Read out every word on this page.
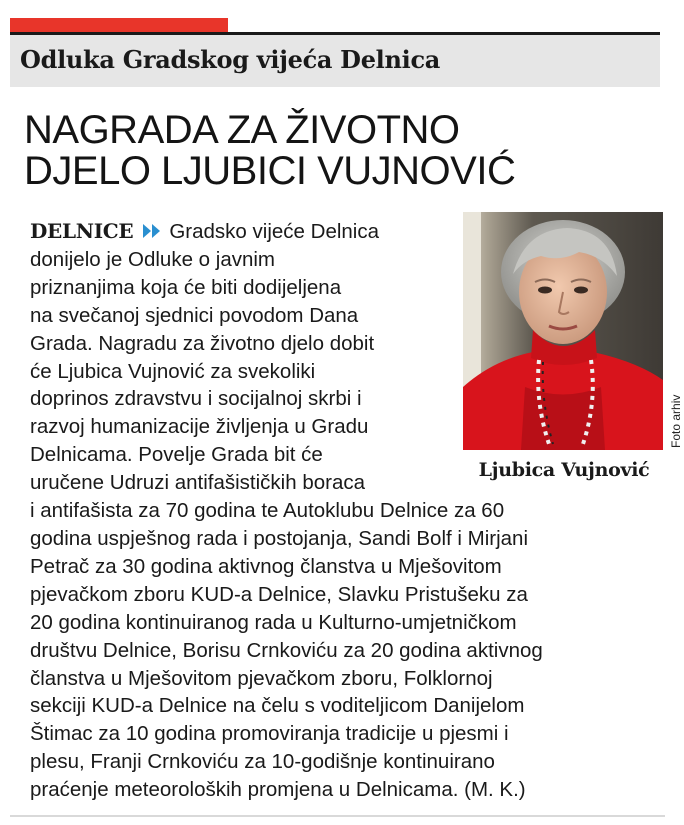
Odluka Gradskog vijeća Delnica
NAGRADA ZA ŽIVOTNO
DJELO LJUBICI VUJNOVIĆ
Foto arhiv
Ljubica Vujnović
DELNICE Gradsko vijeće Delnica
donijelo je Odluke o javnim
priznanjima koja će biti dodijeljena
na svečanoj sjednici povodom Dana
Grada. Nagradu za životno djelo dobit
će Ljubica Vujnović za svekoliki
doprinos zdravstvu i socijalnoj skrbi i
razvoj humanizacije življenja u Gradu
Delnicama. Povelje Grada bit će
uručene Udruzi antifašističkih boraca
i antifašista za 70 godina te Autoklubu Delnice za 60
godina uspješnog rada i postojanja, Sandi Bolf i Mirjani
Petrač za 30 godina aktivnog članstva u Mješovitom
pjevačkom zboru KUD-a Delnice, Slavku Pristušeku za
20 godina kontinuiranog rada u Kulturno-umjetničkom
društvu Delnice, Borisu Crnkoviću za 20 godina aktivnog
članstva u Mješovitom pjevačkom zboru, Folklornoj
sekciji KUD-a Delnice na čelu s voditeljicom Danijelom
Štimac za 10 godina promoviranja tradicije u pjesmi i
plesu, Franji Crnkoviću za 10-godišnje kontinuirano
praćenje meteoroloških promjena u Delnicama. (M. K.)
